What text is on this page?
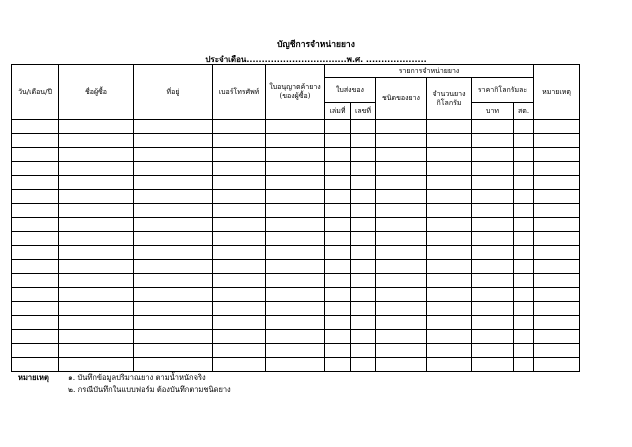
บัญชีการจำหน่ายยาง
ประจำเดือน.................................พ.ศ. ....................
วัน/เดือน/ปี	ชื่อผู้ซื้อ	ที่อยู่	เบอร์โทรศัพท์	ใบอนุญาตค้ายาง (ของผู้ซื้อ)	รายการจำหน่ายยาง						หมายเหตุ
					ใบส่งของ		ชนิดของยาง	จำนวนยาง กิโลกรัม	ราคากิโลกรัมละ		
					เล่มที่	เลขที่			บาท	สต.	

หมายเหตุ	๑. บันทึกข้อมูลปริมาณยาง ตามน้ำหนักจริง
๒. กรณีบันทึกในแบบฟอร์ม ต้องบันทึกตามชนิดยาง
